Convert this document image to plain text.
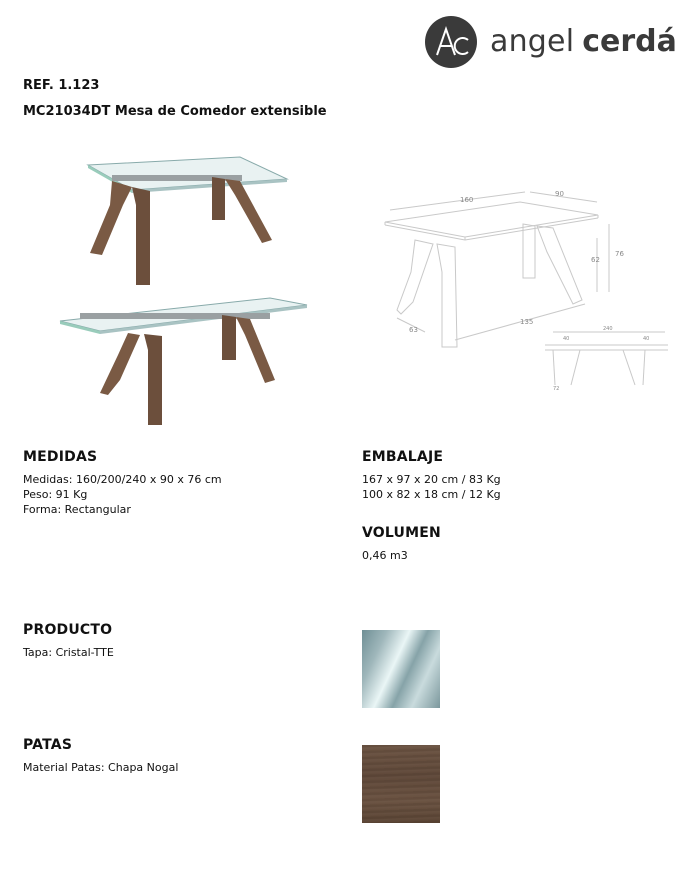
angel cerdá
REF. 1.123
MC21034DT Mesa de Comedor extensible
160
90
76
62
63
135
240
40	40
72
MEDIDAS
Medidas: 160/200/240 x 90 x 76 cm
Peso: 91 Kg
Forma: Rectangular
EMBALAJE
167 x 97 x 20 cm / 83 Kg
100 x 82 x 18 cm / 12 Kg
VOLUMEN
0,46 m3
PRODUCTO
Tapa: Cristal-TTE
PATAS
Material Patas: Chapa Nogal
